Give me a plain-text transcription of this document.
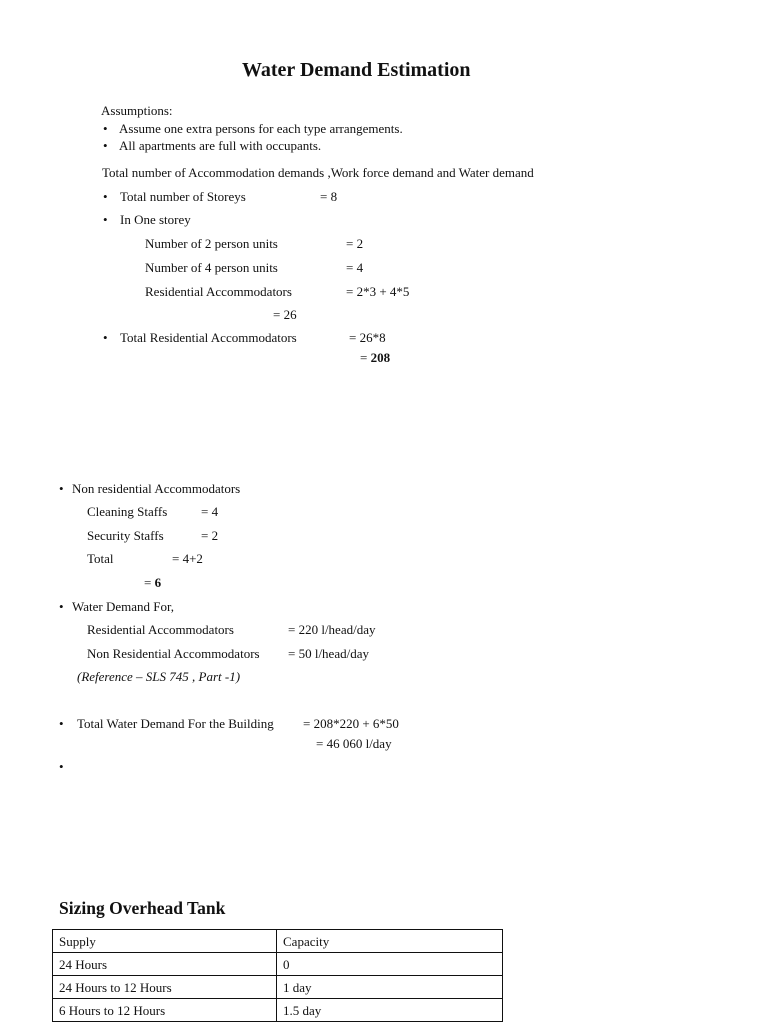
Water Demand Estimation
Assumptions:
• Assume one extra persons for each type arrangements.
• All apartments are full with occupants.
Total number of Accommodation demands ,Work force demand and Water demand
• Total number of Storeys	= 8
• In One storey
Number of 2 person units	= 2
Number of 4 person units	= 4
Residential Accommodators	= 2*3 + 4*5
= 26
• Total Residential Accommodators	= 26*8
= 208
• Non residential Accommodators
Cleaning Staffs	= 4
Security Staffs	= 2
Total	= 4+2
= 6
• Water Demand For,
Residential Accommodators	= 220 l/head/day
Non Residential Accommodators = 50 l/head/day
(Reference – SLS 745 , Part -1)
• Total Water Demand For the Building = 208*220 + 6*50
= 46 060 l/day
•
Sizing Overhead Tank
Supply	Capacity
24 Hours	0
24 Hours to 12 Hours	1 day
6 Hours to 12 Hours	1.5 day
